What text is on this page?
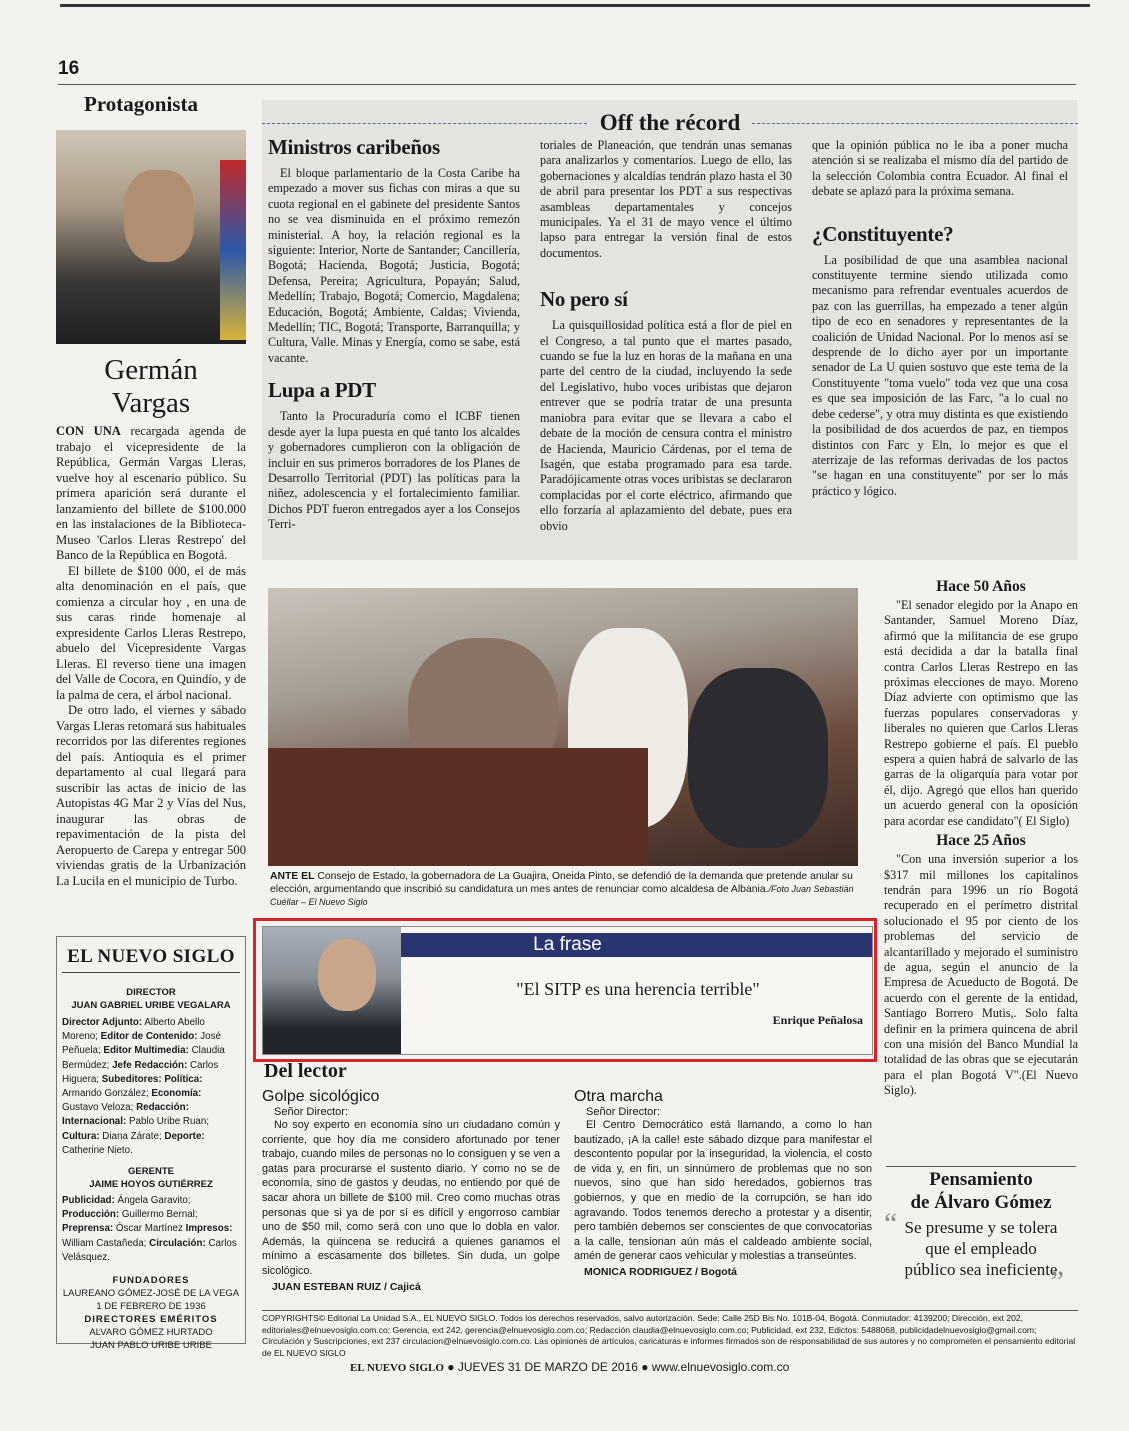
16
Protagonista
Germán
Vargas

CON UNA recargada agenda de trabajo el vicepresidente de la República, Germán Vargas Lleras, vuelve hoy al escenario público. Su primera aparición será durante el lanzamiento del billete de $100.000 en las instalaciones de la Biblioteca-Museo 'Carlos Lleras Restrepo' del Banco de la República en Bogotá.

El billete de $100 000, el de más alta denominación en el país, que comienza a circular hoy , en una de sus caras rinde homenaje al expresidente Carlos Lleras Restrepo, abuelo del Vicepresidente Vargas Lleras. El reverso tiene una imagen del Valle de Cocora, en Quindío, y de la palma de cera, el árbol nacional.

De otro lado, el viernes y sábado Vargas Lleras retomará sus habituales recorridos por las diferentes regiones del país. Antioquia es el primer departamento al cual llegará para suscribir las actas de inicio de las Autopistas 4G Mar 2 y Vías del Nus, inaugurar las obras de repavimentación de la pista del Aeropuerto de Carepa y entregar 500 viviendas gratis de la Urbanización La Lucila en el municipio de Turbo.

Off the récord
Ministros caribeños

El bloque parlamentario de la Costa Caribe ha empezado a mover sus fichas con miras a que su cuota regional en el gabinete del presidente Santos no se vea disminuida en el próximo remezón ministerial. A hoy, la relación regional es la siguiente: Interior, Norte de Santander; Cancillería, Bogotá; Hacienda, Bogotá; Justicia, Bogotá; Defensa, Pereira; Agricultura, Popayán; Salud, Medellín; Trabajo, Bogotá; Comercio, Magdalena; Educación, Bogotá; Ambiente, Caldas; Vivienda, Medellín; TIC, Bogotá; Transporte, Barranquilla; y Cultura, Valle. Minas y Energía, como se sabe, está vacante.

Lupa a PDT

Tanto la Procuraduría como el ICBF tienen desde ayer la lupa puesta en qué tanto los alcaldes y gobernadores cumplieron con la obligación de incluir en sus primeros borradores de los Planes de Desarrollo Territorial (PDT) las políticas para la niñez, adolescencia y el fortalecimiento familiar. Dichos PDT fueron entregados ayer a los Consejos Terri-

toriales de Planeación, que tendrán unas semanas para analizarlos y comentarios. Luego de ello, las gobernaciones y alcaldías tendrán plazo hasta el 30 de abril para presentar los PDT a sus respectivas asambleas departamentales y concejos municipales. Ya el 31 de mayo vence el último lapso para entregar la versión final de estos documentos.

No pero sí

La quisquillosidad política está a flor de piel en el Congreso, a tal punto que el martes pasado, cuando se fue la luz en horas de la mañana en una parte del centro de la ciudad, incluyendo la sede del Legislativo, hubo voces uribistas que dejaron entrever que se podría tratar de una presunta maniobra para evitar que se llevara a cabo el debate de la moción de censura contra el ministro de Hacienda, Mauricio Cárdenas, por el tema de Isagén, que estaba programado para esa tarde. Paradójicamente otras voces uribistas se declararon complacidas por el corte eléctrico, afirmando que ello forzaría al aplazamiento del debate, pues era obvio

que la opinión pública no le iba a poner mucha atención si se realizaba el mismo día del partido de la selección Colombia contra Ecuador. Al final el debate se aplazó para la próxima semana.

¿Constituyente?

La posibilidad de que una asamblea nacional constituyente termine siendo utilizada como mecanismo para refrendar eventuales acuerdos de paz con las guerrillas, ha empezado a tener algún tipo de eco en senadores y representantes de la coalición de Unidad Nacional. Por lo menos así se desprende de lo dicho ayer por un importante senador de La U quien sostuvo que este tema de la Constituyente "toma vuelo" toda vez que una cosa es que sea imposición de las Farc, "a lo cual no debe cederse", y otra muy distinta es que existiendo la posibilidad de dos acuerdos de paz, en tiempos distintos con Farc y Eln, lo mejor es que el aterrizaje de las reformas derivadas de los pactos "se hagan en una constituyente" por ser lo más práctico y lógico.

ANTE EL Consejo de Estado, la gobernadora de La Guajira, Oneida Pinto, se defendió de la demanda que pretende anular su elección, argumentando que inscribió su candidatura un mes antes de renunciar como alcaldesa de Albania./Foto Juan Sebastián Cuéllar – El Nuevo Siglo
La frase
"El SITP es una herencia terrible"
Enrique Peñalosa
Hace 50 Años

"El senador elegido por la Anapo en Santander, Samuel Moreno Díaz, afirmó que la militancia de ese grupo está decidida a dar la batalla final contra Carlos Lleras Restrepo en las próximas elecciones de mayo. Moreno Díaz advierte con optimismo que las fuerzas populares conservadoras y liberales no quieren que Carlos Lleras Restrepo gobierne el país. El pueblo espera a quien habrá de salvarlo de las garras de la oligarquía para votar por él, dijo. Agregó que ellos han querido un acuerdo general con la oposición para acordar ese candidato"( El Siglo)

Hace 25 Años

"Con una inversión superior a los $317 mil millones los capitalinos tendrán para 1996 un río Bogotá recuperado en el perímetro distrital solucionado el 95 por ciento de los problemas del servicio de alcantarillado y mejorado el suministro de agua, según el anuncio de la Empresa de Acueducto de Bogotá. De acuerdo con el gerente de la entidad, Santiago Borrero Mutis,. Solo falta definir en la primera quincena de abril con una misión del Banco Mundial la totalidad de las obras que se ejecutarán para el plan Bogotá V".(El Nuevo Siglo).

Pensamiento
de Álvaro Gómez
“ Se presume y se tolera que el empleado público sea ineficiente
”
EL NUEVO SIGLO
DIRECTOR
JUAN GABRIEL URIBE VEGALARA
Director Adjunto: Alberto Abello Moreno; Editor de Contenido: José Peñuela; Editor Multimedia: Claudia Bermúdez; Jefe Redacción: Carlos Higuera; Subeditores: Política: Armando González; Economía: Gustavo Veloza; Redacción: Internacional: Pablo Uribe Ruan; Cultura: Diana Zárate; Deporte: Catherine Nieto.
GERENTE
JAIME HOYOS GUTIÉRREZ
Publicidad: Ángela Garavito; Producción: Guillermo Bernal; Preprensa: Óscar Martínez Impresos: William Castañeda; Circulación: Carlos Velásquez.
FUNDADORES
LAUREANO GÓMEZ-JOSÉ DE LA VEGA
1 DE FEBRERO DE 1936
DIRECTORES EMÉRITOS
ALVARO GÓMEZ HURTADO
JUAN PABLO URIBE URIBE
Del lector
Golpe sicológico
Señor Director:

No soy experto en economía sino un ciudadano común y corriente, que hoy día me considero afortunado por tener trabajo, cuando miles de personas no lo consiguen y se ven a gatas para procurarse el sustento diario. Y como no se de economía, sino de gastos y deudas, no entiendo por qué de sacar ahora un billete de $100 mil. Creo como muchas otras personas que si ya de por sí es difícil y engorroso cambiar uno de $50 mil, como será con uno que lo dobla en valor. Además, la quincena se reducirá a quienes ganamos el mínimo a escasamente dos billetes. Sin duda, un golpe sicológico.

JUAN ESTEBAN RUIZ / Cajicá
Otra marcha
Señor Director:

El Centro Democrático está llamando, a como lo han bautizado, ¡A la calle! este sábado dizque para manifestar el descontento popular por la inseguridad, la violencia, el costo de vida y, en fin, un sinnúmero de problemas que no son nuevos, sino que han sido heredados, gobiernos tras gobiernos, y que en medio de la corrupción, se han ido agravando. Todos tenemos derecho a protestar y a disentir, pero también debemos ser conscientes de que convocatorias a la calle, tensionan aún más el caldeado ambiente social, amén de generar caos vehicular y molestias a transeúntes.

MONICA RODRIGUEZ / Bogotá
COPYRIGHTS© Editorial La Unidad S.A., EL NUEVO SIGLO. Todos los derechos reservados, salvo autorización. Sede: Calle 25D Bis No. 101B-04, Bogotá. Conmutador: 4139200; Dirección, ext 202, editoriales@elnuevosiglo.com.co; Gerencia, ext 242, gerencia@elnuevosiglo.com.co; Redacción claudia@elnuevosiglo.com.co; Publicidad, ext 232, Edictos: 5488068, publicidadelnuevosiglo@gmail.com; Circulación y Suscripciones, ext 237 circulacion@elnuevosiglo.com.co. Las opiniones de artículos, caricaturas e informes firmados son de responsabilidad de sus autores y no comprometen el pensamiento editorial de EL NUEVO SIGLO
EL NUEVO SIGLO ● JUEVES 31 DE MARZO DE 2016 ● www.elnuevosiglo.com.co
